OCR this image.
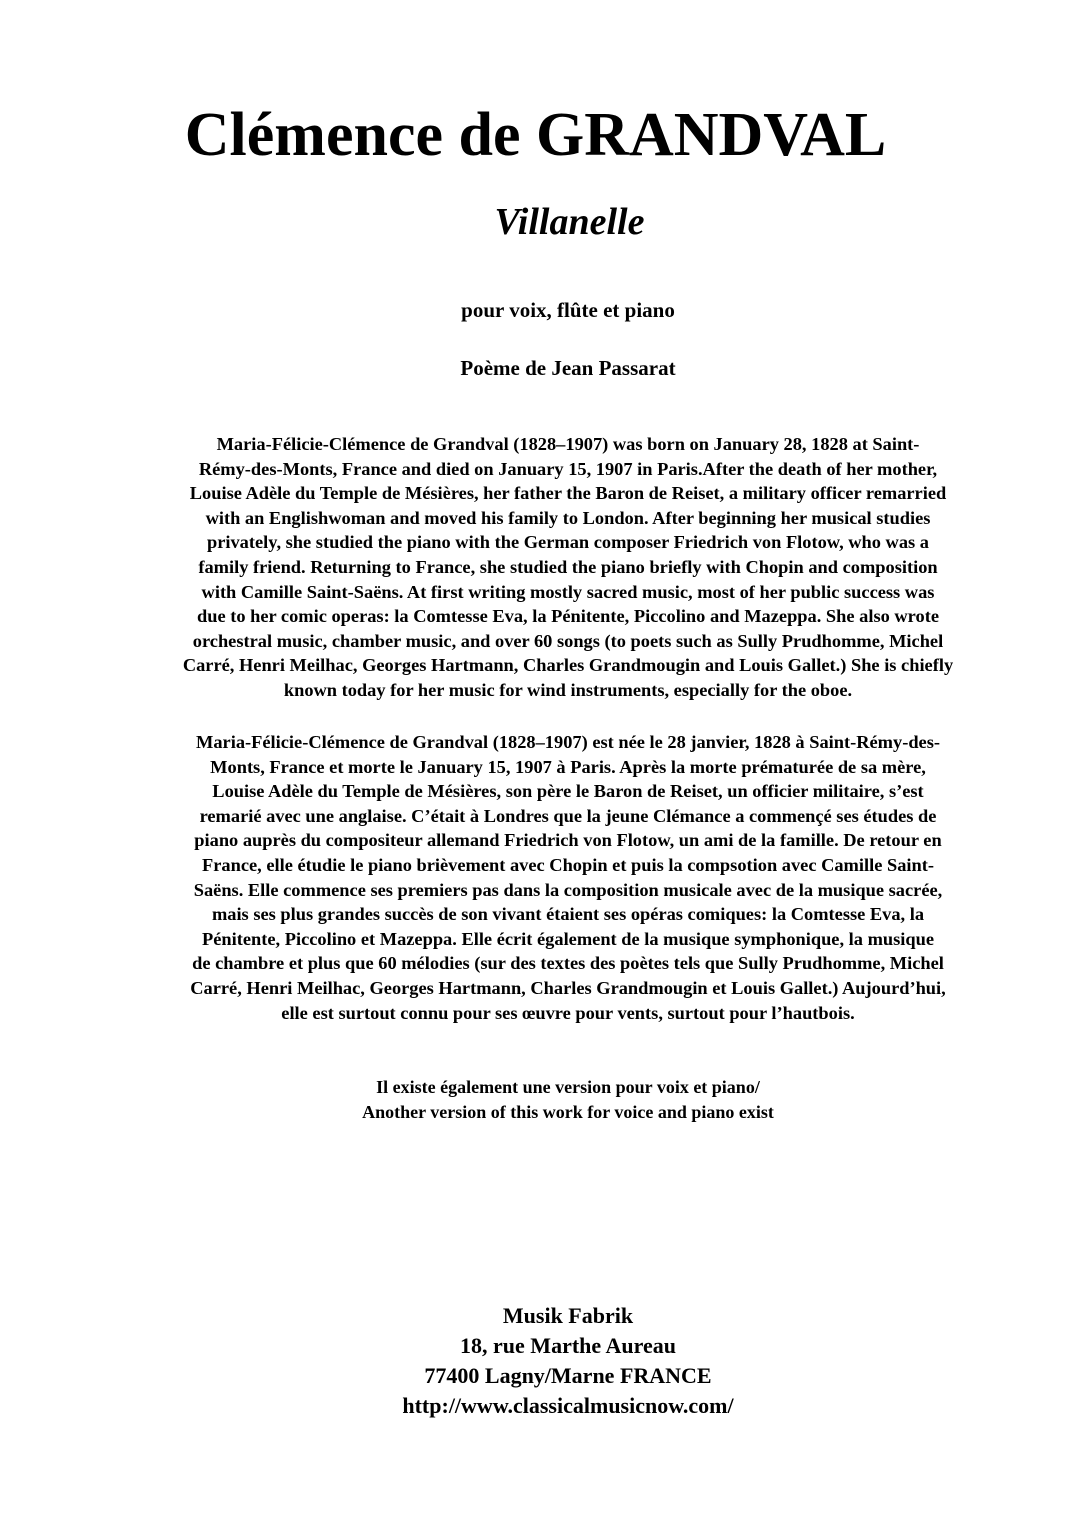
Clémence de GRANDVAL
Villanelle
pour voix, flûte et piano
Poème de Jean Passarat
Maria-Félicie-Clémence de Grandval (1828–1907) was born on January 28, 1828 at Saint-
Rémy-des-Monts, France and died on January 15, 1907 in Paris.After the death of her mother,
Louise Adèle du Temple de Mésières, her father the Baron de Reiset, a military officer remarried
with an Englishwoman and moved his family to London. After beginning her musical studies
privately, she studied the piano with the German composer Friedrich von Flotow, who was a
family friend. Returning to France, she studied the piano briefly with Chopin and composition
with Camille Saint-Saëns. At first writing mostly sacred music, most of her public success was
due to her comic operas: la Comtesse Eva, la Pénitente, Piccolino and Mazeppa. She also wrote
orchestral music, chamber music, and over 60 songs (to poets such as Sully Prudhomme, Michel
Carré, Henri Meilhac, Georges Hartmann, Charles Grandmougin and Louis Gallet.) She is chiefly
known today for her music for wind instruments, especially for the oboe.
Maria-Félicie-Clémence de Grandval (1828–1907) est née le 28 janvier, 1828 à Saint-Rémy-des-
Monts, France et morte le January 15, 1907 à Paris. Après la morte prématurée de sa mère,
Louise Adèle du Temple de Mésières, son père le Baron de Reiset, un officier militaire, s’est
remarié avec une anglaise. C’était à Londres que la jeune Clémance a commençé ses études de
piano auprès du compositeur allemand Friedrich von Flotow, un ami de la famille. De retour en
France, elle étudie le piano brièvement avec Chopin et puis la compsotion avec Camille Saint-
Saëns. Elle commence ses premiers pas dans la composition musicale avec de la musique sacrée,
mais ses plus grandes succès de son vivant étaient ses opéras comiques: la Comtesse Eva, la
Pénitente, Piccolino et Mazeppa. Elle écrit également de la musique symphonique, la musique
de chambre et plus que 60 mélodies (sur des textes des poètes tels que Sully Prudhomme, Michel
Carré, Henri Meilhac, Georges Hartmann, Charles Grandmougin et Louis Gallet.) Aujourd’hui,
elle est surtout connu pour ses œuvre pour vents, surtout pour l’hautbois.
Il existe également une version pour voix et piano/
Another version of this work for voice and piano exist
Musik Fabrik
18, rue Marthe Aureau
77400 Lagny/Marne FRANCE
http://www.classicalmusicnow.com/
